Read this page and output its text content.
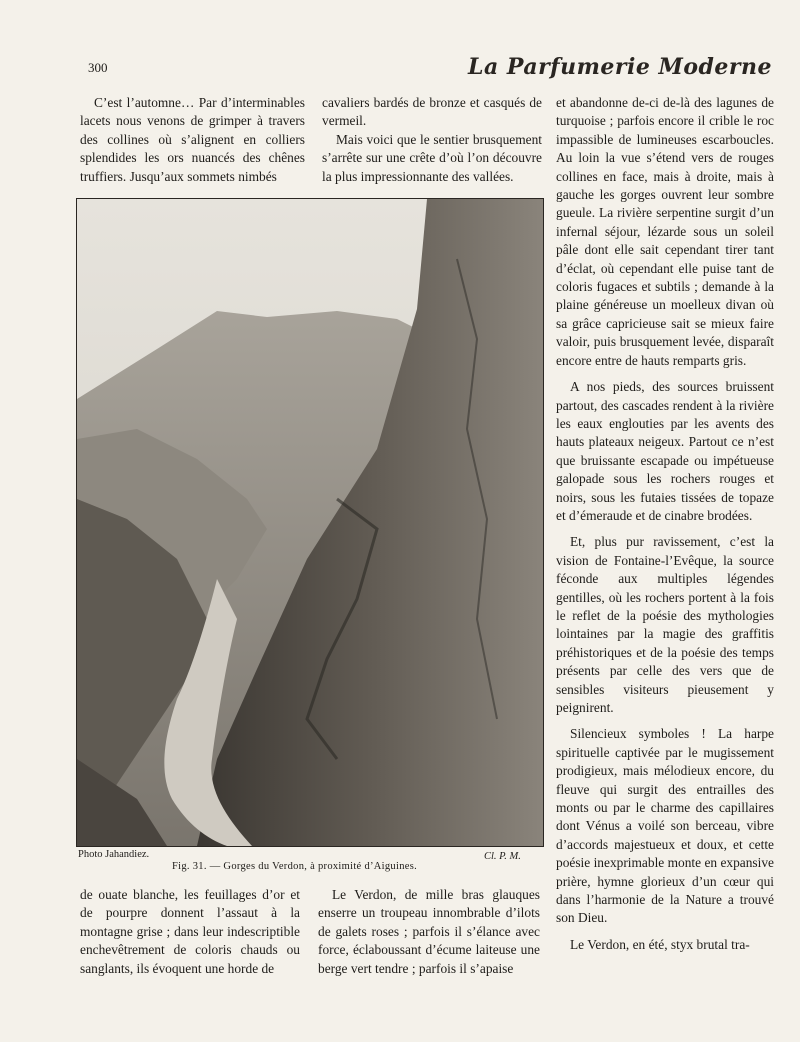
300	La Parfumerie Moderne

C’est l’automne… Par d’interminables lacets nous venons de grimper à travers des collines où s’alignent en colliers splendides les ors nuancés des chênes truffiers. Jusqu’aux sommets nimbés

cavaliers bardés de bronze et casqués de vermeil.

Mais voici que le sentier brusquement s’arrête sur une crête d’où l’on découvre la plus impressionnante des vallées.

et abandonne de-ci de-là des lagunes de turquoise ; parfois encore il crible le roc impassible de lumineuses escarboucles. Au loin la vue s’étend vers de rouges collines en face, mais à droite, mais à gauche les gorges ouvrent leur sombre gueule. La rivière serpentine surgit d’un infernal séjour, lézarde sous un soleil pâle dont elle sait cependant tirer tant d’éclat, où cependant elle puise tant de coloris fugaces et subtils ; demande à la plaine généreuse un moelleux divan où sa grâce capricieuse sait se mieux faire valoir, puis brusquement levée, disparaît encore entre de hauts remparts gris.

A nos pieds, des sources bruissent partout, des cascades rendent à la rivière les eaux englouties par les avents des hauts plateaux neigeux. Partout ce n’est que bruissante escapade ou impétueuse galopade sous les rochers rouges et noirs, sous les futaies tissées de topaze et d’émeraude et de cinabre brodées.

Et, plus pur ravissement, c’est la vision de Fontaine-l’Evêque, la source féconde aux multiples légendes gentilles, où les rochers portent à la fois le reflet de la poésie des mythologies lointaines par la magie des graffitis préhistoriques et de la poésie des temps présents par celle des vers que de sensibles visiteurs pieusement y peignirent.

Silencieux symboles ! La harpe spirituelle captivée par le mugissement prodigieux, mais mélodieux encore, du fleuve qui surgit des entrailles des monts ou par le charme des capillaires dont Vénus a voilé son berceau, vibre d’accords majestueux et doux, et cette poésie inexprimable monte en expansive prière, hymne glorieux d’un cœur qui dans l’harmonie de la Nature a trouvé son Dieu.

Le Verdon, en été, styx brutal tra-

Photo Jahandiez.	Cl. P. M.
Fig. 31. — Gorges du Verdon, à proximité d’Aiguines.

de ouate blanche, les feuillages d’or et de pourpre donnent l’assaut à la montagne grise ; dans leur indescriptible enchevêtrement de coloris chauds ou sanglants, ils évoquent une horde de

Le Verdon, de mille bras glauques enserre un troupeau innombrable d’ilots de galets roses ; parfois il s’élance avec force, éclaboussant d’écume laiteuse une berge vert tendre ; parfois il s’apaise
